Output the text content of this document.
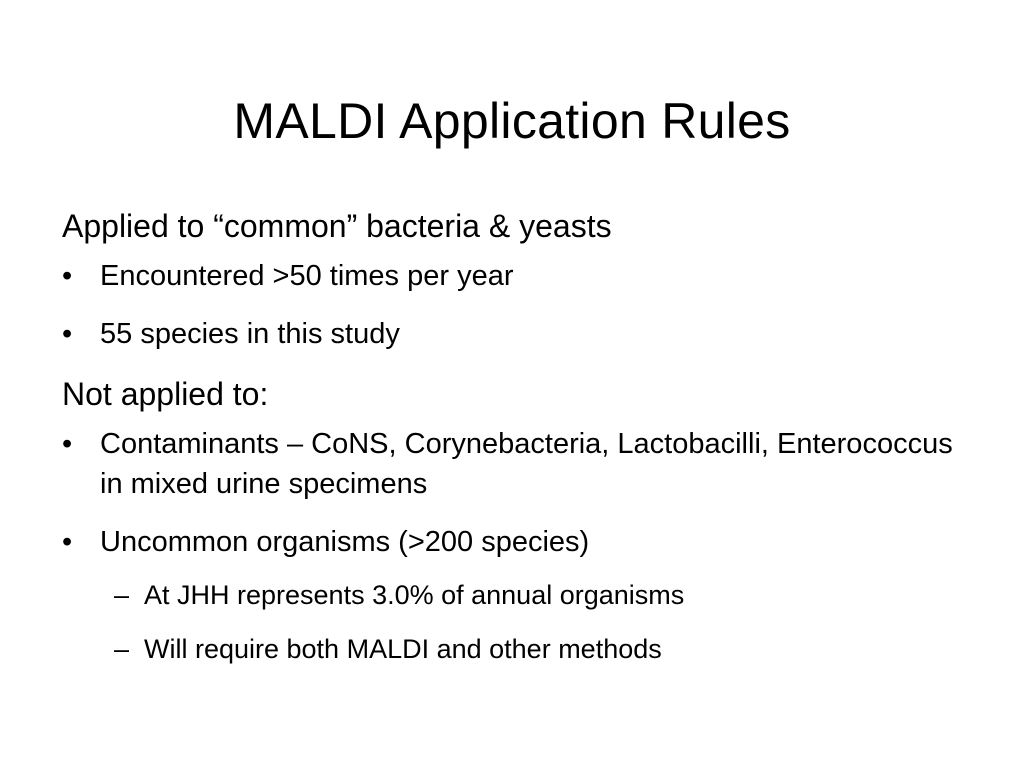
MALDI Application Rules
Applied to “common” bacteria & yeasts
• Encountered >50 times per year
• 55 species in this study
Not applied to:
• Contaminants – CoNS, Corynebacteria, Lactobacilli, Enterococcus in mixed urine specimens
• Uncommon organisms (>200 species)
– At JHH represents 3.0% of annual organisms
– Will require both MALDI and other methods
